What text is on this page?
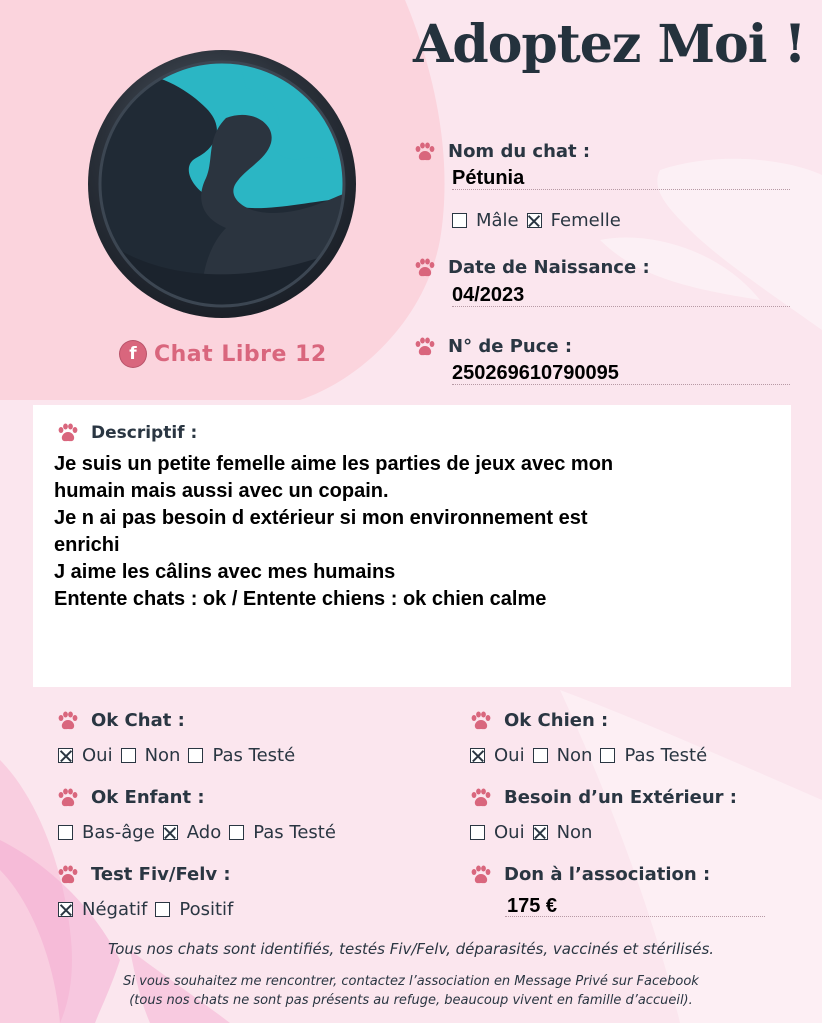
Adoptez Moi !
f Chat Libre 12
Nom du chat :
Pétunia
Mâle Femelle
Date de Naissance :
04/2023
N° de Puce :
250269610790095
Descriptif :
Je suis un petite femelle aime les parties de jeux avec mon
humain mais aussi avec un copain.
Je n ai pas besoin d extérieur si mon environnement est
enrichi
J aime les câlins avec mes humains
Entente chats : ok / Entente chiens : ok chien calme
Ok Chat :
Oui Non Pas Testé
Ok Chien :
Oui Non Pas Testé
Ok Enfant :
Bas-âge Ado Pas Testé
Besoin d’un Extérieur :
Oui Non
Test Fiv/Felv :
Négatif Positif
Don à l’association :
175 €
Tous nos chats sont identifiés, testés Fiv/Felv, déparasités, vaccinés et stérilisés.
Si vous souhaitez me rencontrer, contactez l’association en Message Privé sur Facebook
(tous nos chats ne sont pas présents au refuge, beaucoup vivent en famille d’accueil).
